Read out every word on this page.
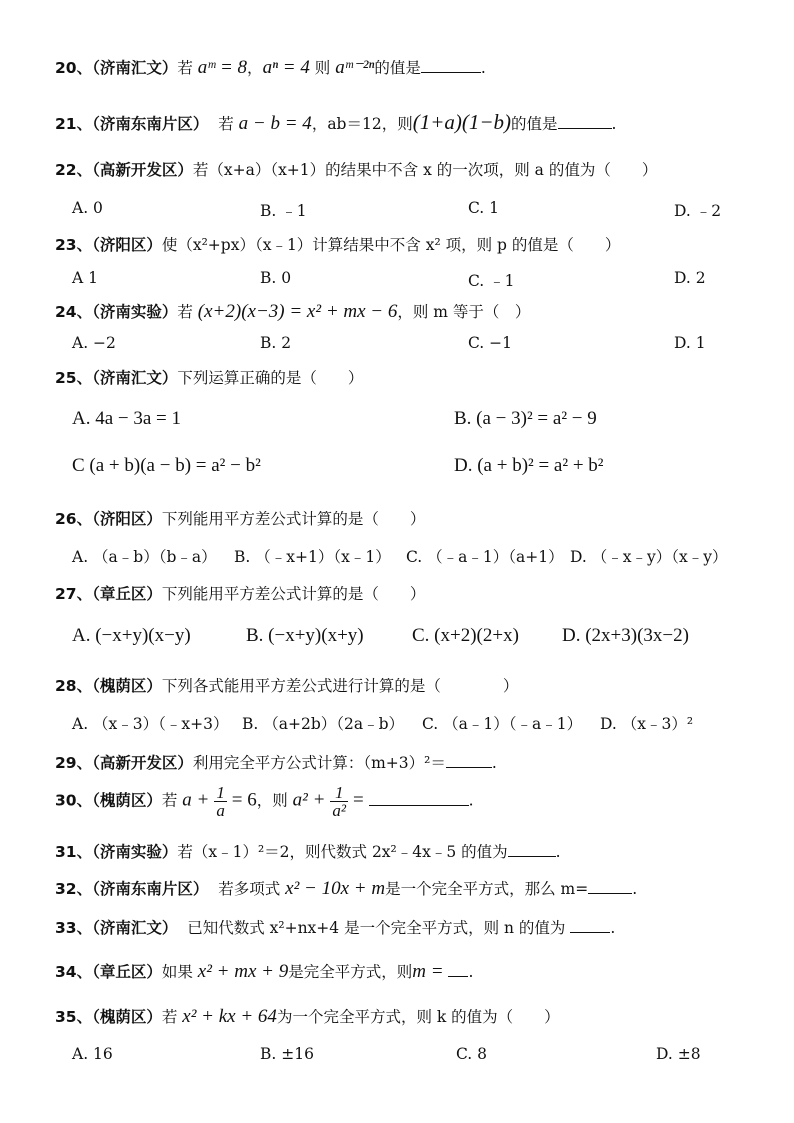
20、（济南汇文）若 aᵐ = 8，aⁿ = 4 则 aᵐ⁻²ⁿ的值是	.
21、（济南东南片区） 若 a − b = 4，ab＝12，则(1+a)(1−b)的值是	.
22、（高新开发区）若（x+a）（x+1）的结果中不含 x 的一次项，则 a 的值为（　　）
A. 0	B. ﹣1	C. 1	D. ﹣2
23、（济阳区）使（x²+px）（x﹣1）计算结果中不含 x² 项，则 p 的值是（　　）
A 1	B. 0	C. ﹣1	D. 2
24、（济南实验）若 (x+2)(x−3) = x² + mx − 6，则 m 等于（　）
A. −2	B. 2	C. −1	D. 1
25、（济南汇文）下列运算正确的是（　　）
A. 4a − 3a = 1	B. (a − 3)² = a² − 9
C (a + b)(a − b) = a² − b²	D. (a + b)² = a² + b²
26、（济阳区）下列能用平方差公式计算的是（　　）
A. （a﹣b）（b﹣a） B. （﹣x+1）（x﹣1） C. （﹣a﹣1）（a+1） D. （﹣x﹣y）（x﹣y）
27、（章丘区）下列能用平方差公式计算的是（　　）
A. (−x+y)(x−y)	B. (−x+y)(x+y)	C. (x+2)(2+x) D. (2x+3)(3x−2)
28、（槐荫区）下列各式能用平方差公式进行计算的是（　　　　）
A. （x﹣3）（﹣x+3） B. （a+2b）（2a﹣b） C. （a﹣1）（﹣a﹣1） D. （x﹣3）²
29、（高新开发区）利用完全平方公式计算：（m+3）²＝	.
30、（槐荫区）若 $a + \frac{1}{a} = 6$，则 $a^2 + \frac{1}{\text{a²}}$ =	.
31、（济南实验）若（x﹣1）²＝2，则代数式 2x²﹣4x﹣5 的值为	.
32、（济南东南片区） 若多项式 x² − 10x + m是一个完全平方式，那么 m=	.
33、（济南汇文） 已知代数式 x²+nx+4 是一个完全平方式，则 n 的值为	.
34、（章丘区）如果 x² + mx + 9是完全平方式，则m = .
35、（槐荫区）若 x² + kx + 64为一个完全平方式，则 k 的值为（　　）
A. 16	B. ±16	C. 8	D. ±8
